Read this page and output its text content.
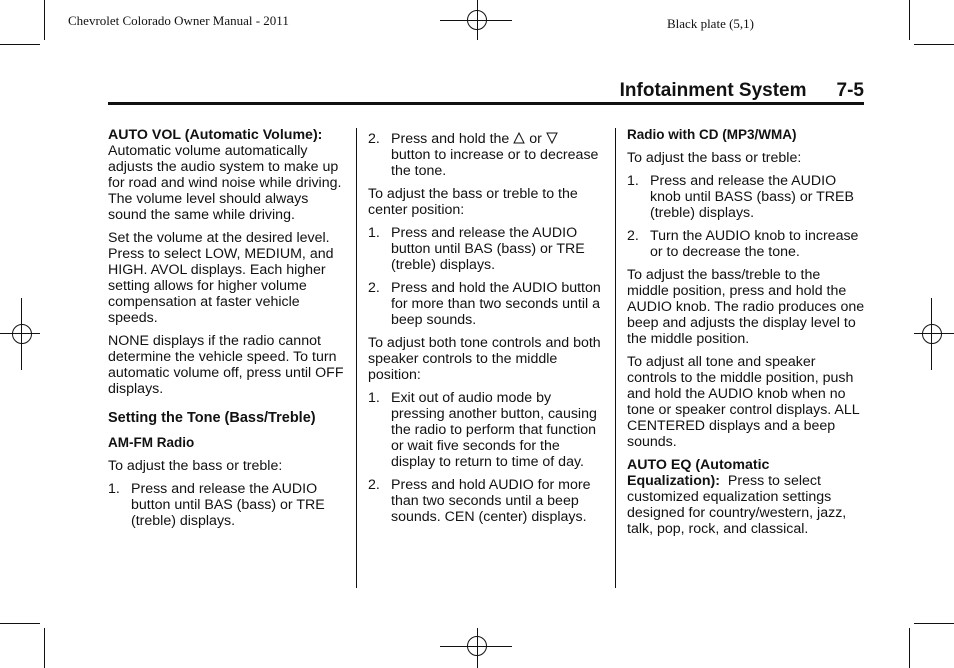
Chevrolet Colorado Owner Manual - 2011	Black plate (5,1)
Infotainment System 7-5

AUTO VOL (Automatic Volume):
Automatic volume automatically adjusts the audio system to make up for road and wind noise while driving. The volume level should always sound the same while driving.

Set the volume at the desired level. Press to select LOW, MEDIUM, and HIGH. AVOL displays. Each higher setting allows for higher volume compensation at faster vehicle speeds.

NONE displays if the radio cannot determine the vehicle speed. To turn automatic volume off, press until OFF displays.

Setting the Tone (Bass/Treble)
AM-FM Radio

To adjust the bass or treble:

1. Press and release the AUDIO button until BAS (bass) or TRE (treble) displays.
2. Press and hold the or
button to increase or to decrease the tone.

To adjust the bass or treble to the center position:

1. Press and release the AUDIO button until BAS (bass) or TRE (treble) displays.
2. Press and hold the AUDIO button for more than two seconds until a beep sounds.

To adjust both tone controls and both speaker controls to the middle position:

1. Exit out of audio mode by pressing another button, causing the radio to perform that function or wait five seconds for the display to return to time of day.
2. Press and hold AUDIO for more than two seconds until a beep sounds. CEN (center) displays.
Radio with CD (MP3/WMA)

To adjust the bass or treble:

1. Press and release the AUDIO knob until BASS (bass) or TREB (treble) displays.
2. Turn the AUDIO knob to increase or to decrease the tone.

To adjust the bass/treble to the middle position, press and hold the AUDIO knob. The radio produces one beep and adjusts the display level to the middle position.

To adjust all tone and speaker controls to the middle position, push and hold the AUDIO knob when no tone or speaker control displays. ALL CENTERED displays and a beep sounds.

AUTO EQ (Automatic Equalization): Press to select customized equalization settings designed for country/western, jazz, talk, pop, rock, and classical.
